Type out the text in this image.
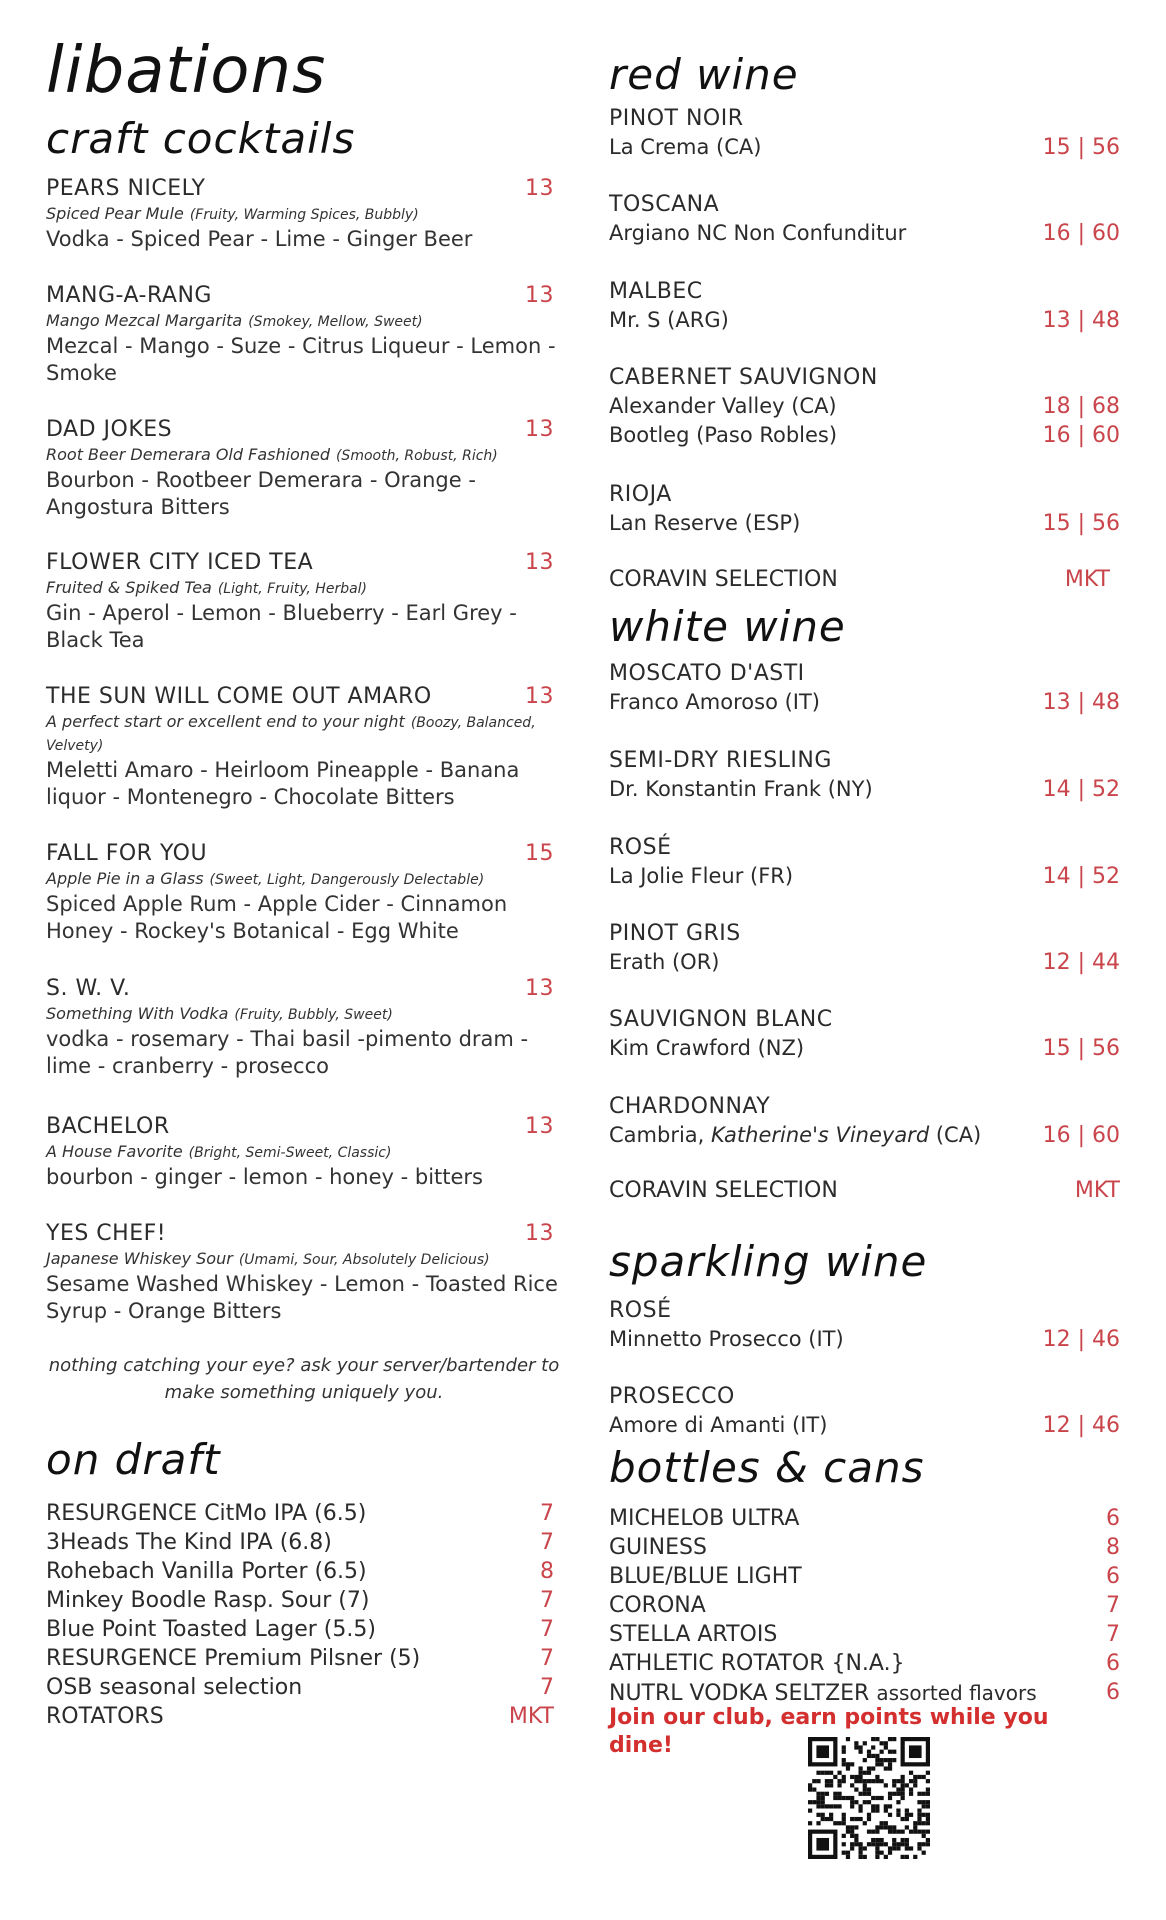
libations
craft cocktails
PEARS NICELY	13
Spiced Pear Mule (Fruity, Warming Spices, Bubbly)
Vodka - Spiced Pear - Lime - Ginger Beer
MANG-A-RANG	13
Mango Mezcal Margarita (Smokey, Mellow, Sweet)
Mezcal - Mango - Suze - Citrus Liqueur - Lemon - Smoke
DAD JOKES	13
Root Beer Demerara Old Fashioned (Smooth, Robust, Rich)
Bourbon - Rootbeer Demerara - Orange - Angostura Bitters
FLOWER CITY ICED TEA	13
Fruited & Spiked Tea (Light, Fruity, Herbal)
Gin - Aperol - Lemon - Blueberry - Earl Grey - Black Tea
THE SUN WILL COME OUT AMARO	13
A perfect start or excellent end to your night (Boozy, Balanced, Velvety)
Meletti Amaro - Heirloom Pineapple - Banana liquor - Montenegro - Chocolate Bitters
FALL FOR YOU	15
Apple Pie in a Glass (Sweet, Light, Dangerously Delectable)
Spiced Apple Rum - Apple Cider - Cinnamon Honey - Rockey's Botanical - Egg White
S. W. V.	13
Something With Vodka (Fruity, Bubbly, Sweet)
vodka - rosemary - Thai basil -pimento dram - lime - cranberry - prosecco
BACHELOR	13
A House Favorite (Bright, Semi-Sweet, Classic)
bourbon - ginger - lemon - honey - bitters
YES CHEF!	13
Japanese Whiskey Sour (Umami, Sour, Absolutely Delicious)
Sesame Washed Whiskey - Lemon - Toasted Rice Syrup - Orange Bitters
nothing catching your eye? ask your server/bartender to make something uniquely you.
on draft
RESURGENCE CitMo IPA (6.5)	7
3Heads The Kind IPA (6.8)	7
Rohebach Vanilla Porter (6.5)	8
Minkey Boodle Rasp. Sour (7)	7
Blue Point Toasted Lager (5.5)	7
RESURGENCE Premium Pilsner (5)	7
OSB seasonal selection	7
ROTATORS	MKT
red wine
PINOT NOIR
La Crema (CA)	15 | 56
TOSCANA
Argiano NC Non Confunditur	16 | 60
MALBEC
Mr. S (ARG)	13 | 48
CABERNET SAUVIGNON
Alexander Valley (CA)	18 | 68
Bootleg (Paso Robles)	16 | 60
RIOJA
Lan Reserve (ESP)	15 | 56
CORAVIN SELECTION	MKT
white wine
MOSCATO D'ASTI
Franco Amoroso (IT)	13 | 48
SEMI-DRY RIESLING
Dr. Konstantin Frank (NY)	14 | 52
ROSÉ
La Jolie Fleur (FR)	14 | 52
PINOT GRIS
Erath (OR)	12 | 44
SAUVIGNON BLANC
Kim Crawford (NZ)	15 | 56
CHARDONNAY
Cambria, Katherine's Vineyard (CA)	16 | 60
CORAVIN SELECTION	MKT
sparkling wine
ROSÉ
Minnetto Prosecco (IT)	12 | 46
PROSECCO
Amore di Amanti (IT)	12 | 46
bottles & cans
MICHELOB ULTRA	6
GUINESS	8
BLUE/BLUE LIGHT	6
CORONA	7
STELLA ARTOIS	7
ATHLETIC ROTATOR {N.A.}	6
NUTRL VODKA SELTZER assorted flavors	6
Join our club, earn points while you dine!
